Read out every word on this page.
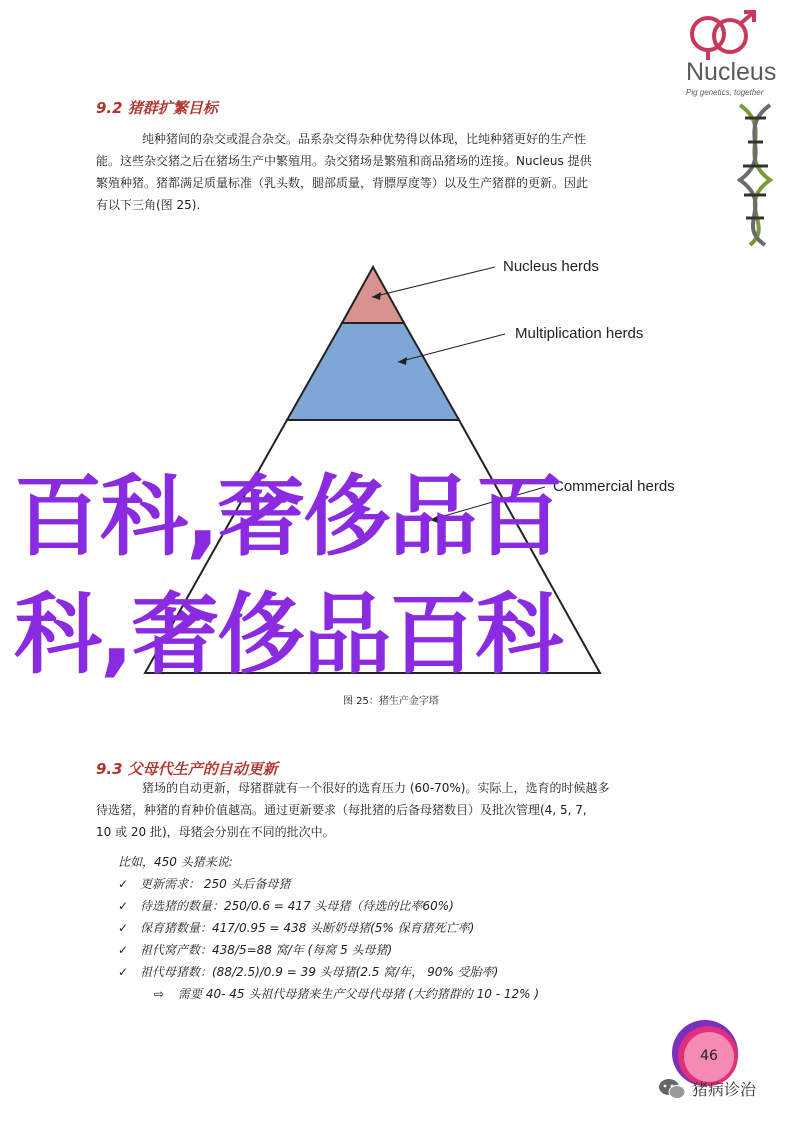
Nucleus
Pig genetics, together
9.2 猪群扩繁目标
纯种猪间的杂交或混合杂交。品系杂交得杂种优势得以体现，比纯种猪更好的生产性
能。这些杂交猪之后在猪场生产中繁殖用。杂交猪场是繁殖和商品猪场的连接。Nucleus 提供
繁殖种猪。猪都满足质量标准（乳头数，腿部质量，背膘厚度等）以及生产猪群的更新。因此
有以下三角(图 25).
Nucleus herds
Multiplication herds
Commercial herds
图 25：猪生产金字塔
9.3 父母代生产的自动更新
猪场的自动更新，母猪群就有一个很好的选育压力 (60-70%)。实际上，选育的时候越多
待选猪，种猪的育种价值越高。通过更新要求（每批猪的后备母猪数目）及批次管理(4, 5, 7,
10 或 20 批)，母猪会分别在不同的批次中。
比如，450 头猪来说:
✓ 更新需求： 250 头后备母猪
✓ 待选猪的数量：250/0.6 = 417 头母猪（待选的比率60%)
✓ 保育猪数量：417/0.95 = 438 头断奶母猪(5% 保育猪死亡率)
✓ 祖代窝产数：438/5=88 窝/年 (每窝 5 头母猪)
✓ 祖代母猪数：(88/2.5)/0.9 = 39 头母猪(2.5 窝/年， 90% 受胎率)
⇨ 需要 40- 45 头祖代母猪来生产父母代母猪 (大约猪群的 10 - 12% )
46
猪病诊治
百科,奢侈品百
科,奢侈品百科
